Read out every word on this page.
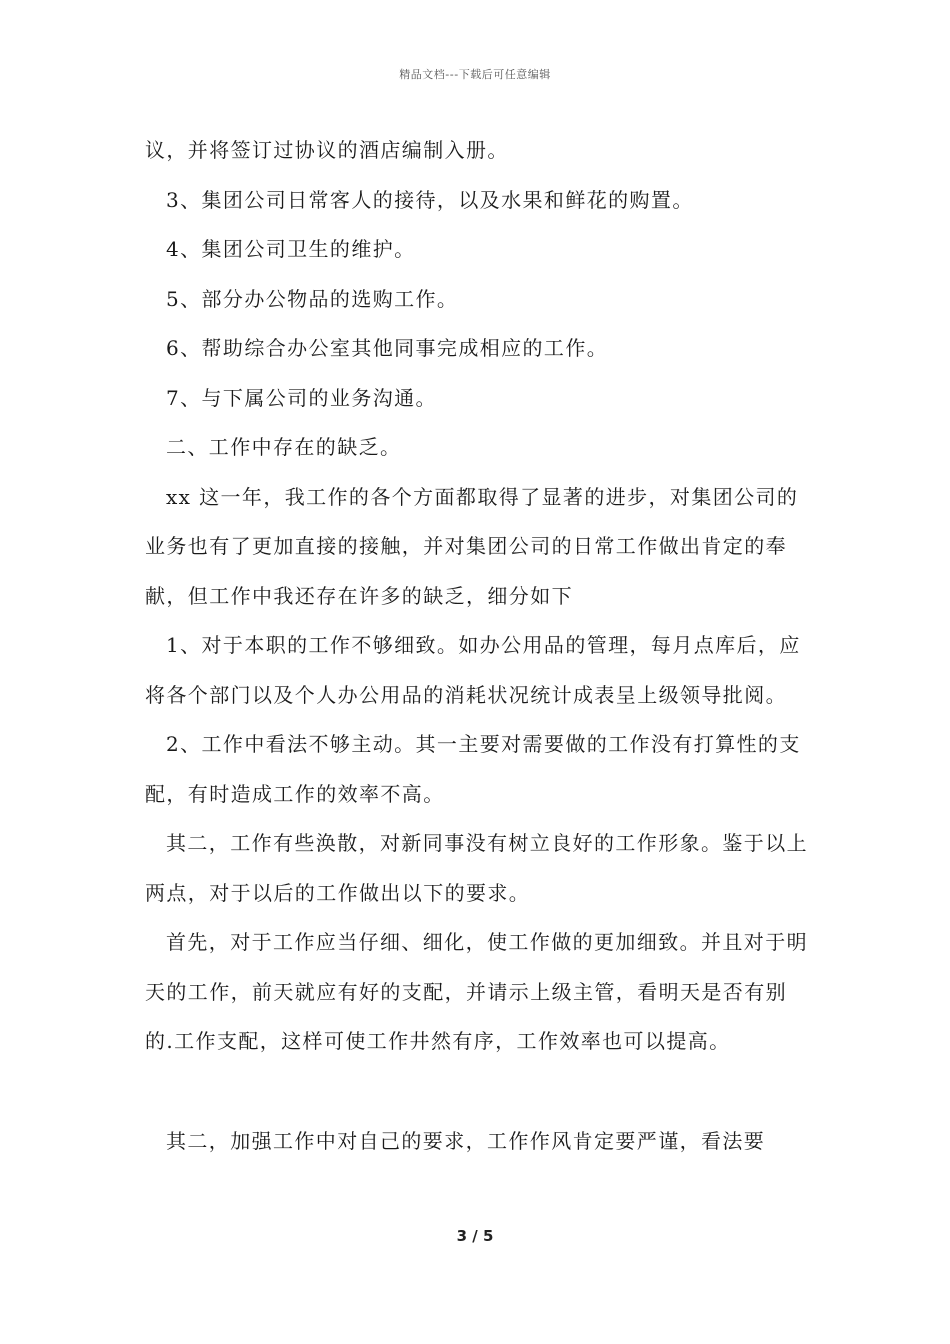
精品文档---下载后可任意编辑

议，并将签订过协议的酒店编制入册。

3、集团公司日常客人的接待，以及水果和鲜花的购置。

4、集团公司卫生的维护。

5、部分办公物品的选购工作。

6、帮助综合办公室其他同事完成相应的工作。

7、与下属公司的业务沟通。

二、工作中存在的缺乏。

xx 这一年，我工作的各个方面都取得了显著的进步，对集团公司的业务也有了更加直接的接触，并对集团公司的日常工作做出肯定的奉献，但工作中我还存在许多的缺乏，细分如下

1、对于本职的工作不够细致。如办公用品的管理，每月点库后，应将各个部门以及个人办公用品的消耗状况统计成表呈上级领导批阅。

2、工作中看法不够主动。其一主要对需要做的工作没有打算性的支配，有时造成工作的效率不高。

其二，工作有些涣散，对新同事没有树立良好的工作形象。鉴于以上两点，对于以后的工作做出以下的要求。

首先，对于工作应当仔细、细化，使工作做的更加细致。并且对于明天的工作，前天就应有好的支配，并请示上级主管，看明天是否有别的.工作支配，这样可使工作井然有序，工作效率也可以提高。

其二，加强工作中对自己的要求，工作作风肯定要严谨，看法要

3 / 5
